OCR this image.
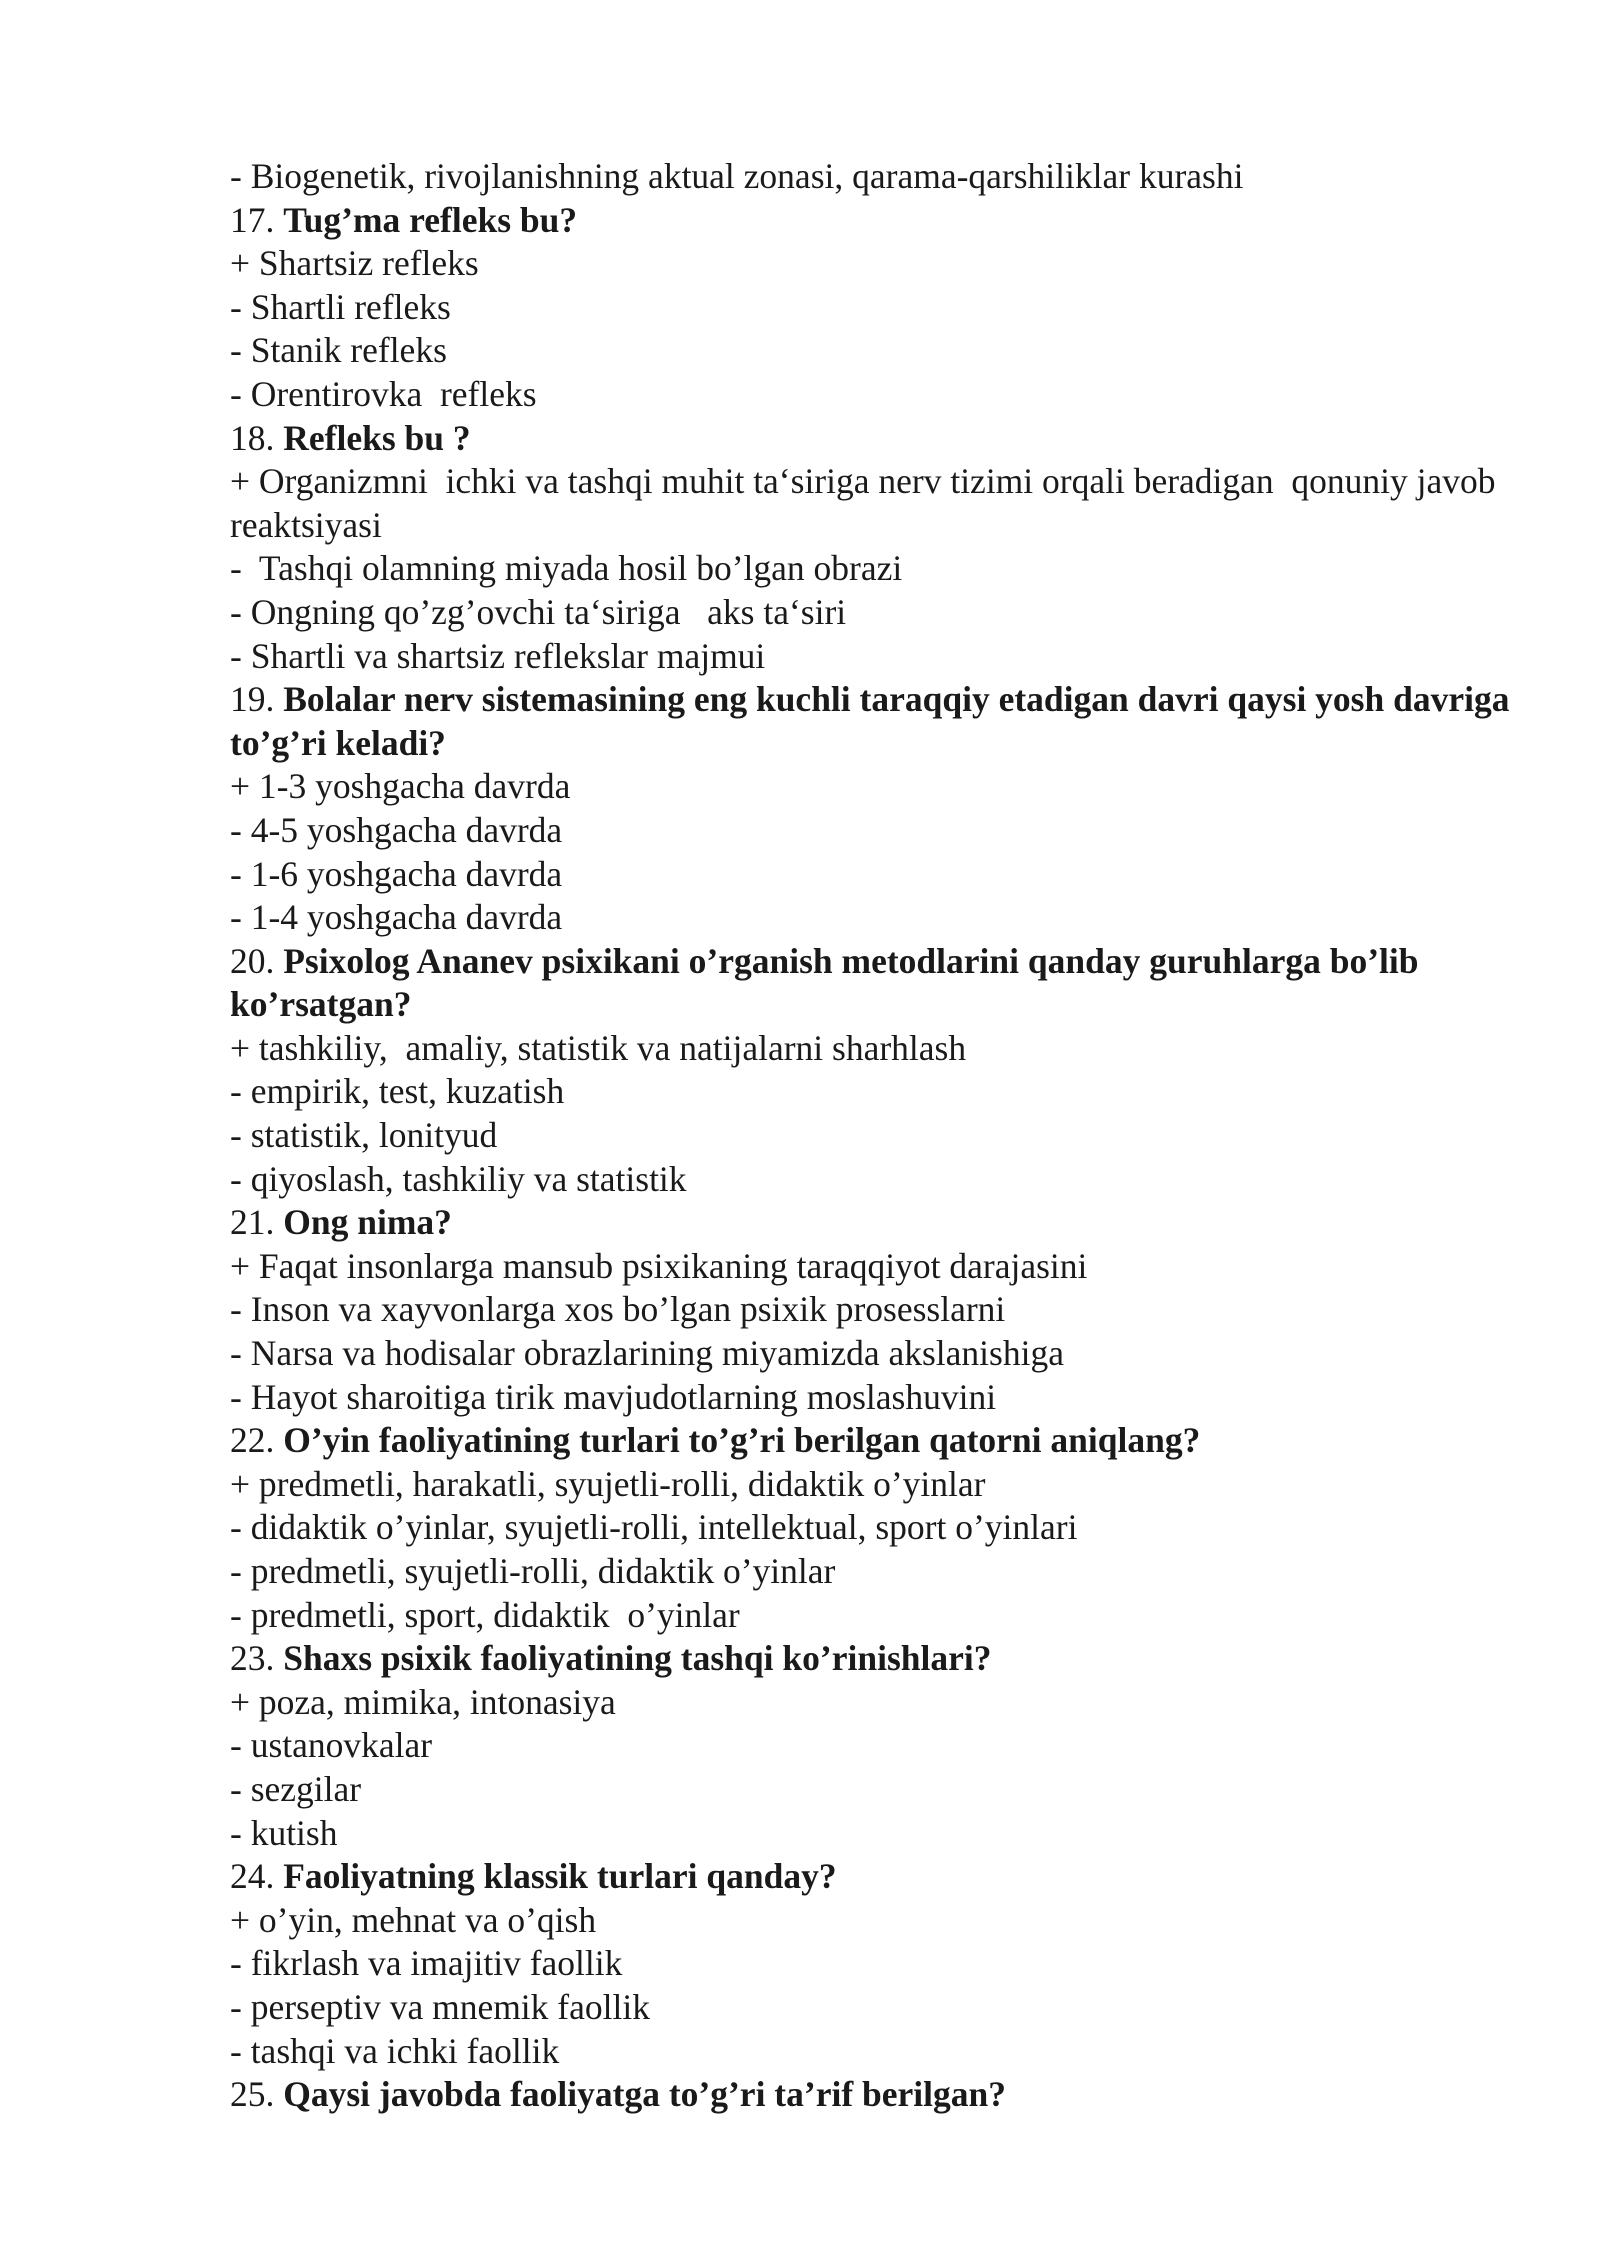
- Biogenetik, rivojlanishning aktual zonasi, qarama-qarshiliklar kurashi

17. Tug’ma refleks bu?

+ Shartsiz refleks

- Shartli refleks

- Stanik refleks

- Orentirovka  refleks

18. Refleks bu ?

+ Organizmni  ichki va tashqi muhit ta‘siriga nerv tizimi orqali beradigan  qonuniy javob reaktsiyasi

-  Tashqi olamning miyada hosil bo’lgan obrazi

- Ongning qo’zg’ovchi ta‘siriga   aks ta‘siri

- Shartli va shartsiz reflekslar majmui

19. Bolalar nerv sistemasining eng kuchli taraqqiy etadigan davri qaysi yosh davriga to’g’ri keladi?

+ 1-3 yoshgacha davrda

- 4-5 yoshgacha davrda

- 1-6 yoshgacha davrda

- 1-4 yoshgacha davrda

20. Psixolog Ananev psixikani o’rganish metodlarini qanday guruhlarga bo’lib ko’rsatgan?

+ tashkiliy,  amaliy, statistik va natijalarni sharhlash

- empirik, test, kuzatish

- statistik, lonityud

- qiyoslash, tashkiliy va statistik

21. Ong nima?

+ Faqat insonlarga mansub psixikaning taraqqiyot darajasini

- Inson va xayvonlarga xos bo’lgan psixik prosesslarni

- Narsa va hodisalar obrazlarining miyamizda akslanishiga

- Hayot sharoitiga tirik mavjudotlarning moslashuvini

22. O’yin faoliyatining turlari to’g’ri berilgan qatorni aniqlang?

+ predmetli, harakatli, syujetli-rolli, didaktik o’yinlar

- didaktik o’yinlar, syujetli-rolli, intellektual, sport o’yinlari

- predmetli, syujetli-rolli, didaktik o’yinlar

- predmetli, sport, didaktik  o’yinlar

23. Shaxs psixik faoliyatining tashqi ko’rinishlari?

+ poza, mimika, intonasiya

- ustanovkalar

- sezgilar

- kutish

24. Faoliyatning klassik turlari qanday?

+ o’yin, mehnat va o’qish

- fikrlash va imajitiv faollik

- perseptiv va mnemik faollik

- tashqi va ichki faollik

25. Qaysi javobda faoliyatga to’g’ri ta’rif berilgan?
